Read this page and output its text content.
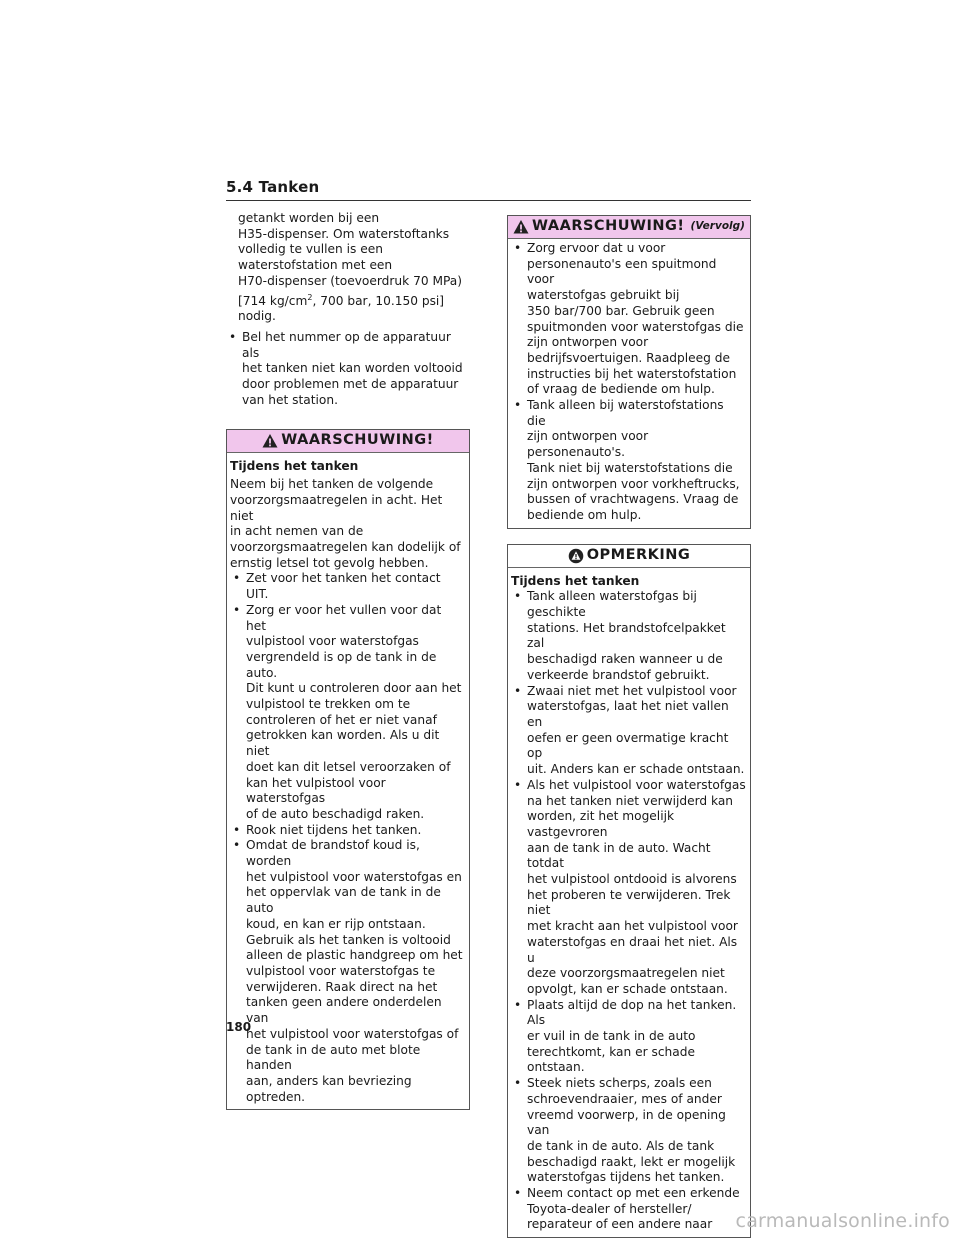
5.4 Tanken
getankt worden bij een
H35-dispenser. Om waterstoftanks
volledig te vullen is een
waterstofstation met een
H70-dispenser (toevoerdruk 70 MPa)
[714 $kg/cm^2$, 700 bar, 10.150 psi]
nodig.
• Bel het nummer op de apparatuur als
het tanken niet kan worden voltooid
door problemen met de apparatuur
van het station.
WAARSCHUWING!
Tijdens het tanken
Neem bij het tanken de volgende
voorzorgsmaatregelen in acht. Het niet
in acht nemen van de
voorzorgsmaatregelen kan dodelijk of
ernstig letsel tot gevolg hebben.
• Zet voor het tanken het contact UIT.
• Zorg er voor het vullen voor dat het
vulpistool voor waterstofgas
vergrendeld is op de tank in de auto.
Dit kunt u controleren door aan het
vulpistool te trekken om te
controleren of het er niet vanaf
getrokken kan worden. Als u dit niet
doet kan dit letsel veroorzaken of
kan het vulpistool voor waterstofgas
of de auto beschadigd raken.
• Rook niet tijdens het tanken.
• Omdat de brandstof koud is, worden
het vulpistool voor waterstofgas en
het oppervlak van de tank in de auto
koud, en kan er rijp ontstaan.
Gebruik als het tanken is voltooid
alleen de plastic handgreep om het
vulpistool voor waterstofgas te
verwijderen. Raak direct na het
tanken geen andere onderdelen van
het vulpistool voor waterstofgas of
de tank in de auto met blote handen
aan, anders kan bevriezing
optreden.
WAARSCHUWING! (Vervolg)
• Zorg ervoor dat u voor
personenauto's een spuitmond voor
waterstofgas gebruikt bij
350 bar/700 bar. Gebruik geen
spuitmonden voor waterstofgas die
zijn ontworpen voor
bedrijfsvoertuigen. Raadpleeg de
instructies bij het waterstofstation
of vraag de bediende om hulp.
• Tank alleen bij waterstofstations die
zijn ontworpen voor personenauto's.
Tank niet bij waterstofstations die
zijn ontworpen voor vorkheftrucks,
bussen of vrachtwagens. Vraag de
bediende om hulp.
OPMERKING
Tijdens het tanken
• Tank alleen waterstofgas bij geschikte
stations. Het brandstofcelpakket zal
beschadigd raken wanneer u de
verkeerde brandstof gebruikt.
• Zwaai niet met het vulpistool voor
waterstofgas, laat het niet vallen en
oefen er geen overmatige kracht op
uit. Anders kan er schade ontstaan.
• Als het vulpistool voor waterstofgas
na het tanken niet verwijderd kan
worden, zit het mogelijk vastgevroren
aan de tank in de auto. Wacht totdat
het vulpistool ontdooid is alvorens
het proberen te verwijderen. Trek niet
met kracht aan het vulpistool voor
waterstofgas en draai het niet. Als u
deze voorzorgsmaatregelen niet
opvolgt, kan er schade ontstaan.
• Plaats altijd de dop na het tanken. Als
er vuil in de tank in de auto
terechtkomt, kan er schade ontstaan.
• Steek niets scherps, zoals een
schroevendraaier, mes of ander
vreemd voorwerp, in de opening van
de tank in de auto. Als de tank
beschadigd raakt, lekt er mogelijk
waterstofgas tijdens het tanken.
• Neem contact op met een erkende
Toyota-dealer of hersteller/
reparateur of een andere naar
180
carmanualsonline.info
